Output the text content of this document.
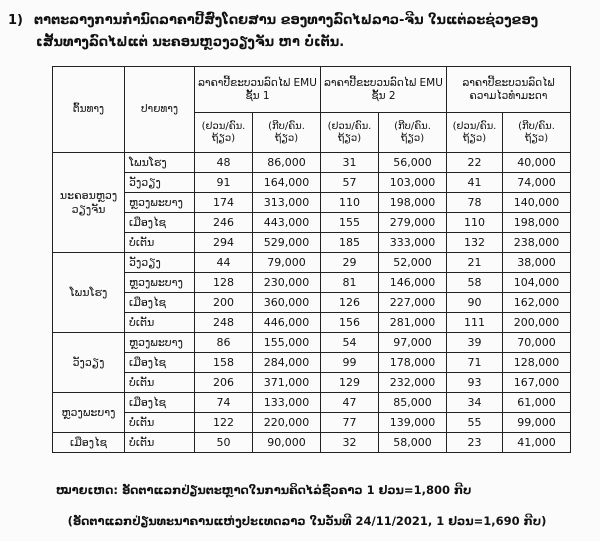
1) ຕາຕະລາງການກຳນົດລາຄາປີ້ສົ່ງໂດຍສານ ຂອງທາງລົດໄຟລາວ-ຈີນ ໃນແຕ່ລະຊ່ວງຂອງ
ເສັ້ນທາງລົດໄຟແຕ່ ນະຄອນຫຼວງວຽງຈັນ ຫາ ບໍ່ເຕັນ.
ຕົ້ນທາງ	ປາຍທາງ	ລາຄາປີ້ຂະບວນລົດໄຟ EMU ຊັ້ນ 1		ລາຄາປີ້ຂະບວນລົດໄຟ EMU ຊັ້ນ 2		ລາຄາປີ້ຂະບວນລົດໄຟ ຄວາມໄວທຳມະດາ	
		(ຢວນ/ຄົນ. ຖ້ຽວ)	(ກີບ/ຄົນ. ຖ້ຽວ)	(ຢວນ/ຄົນ. ຖ້ຽວ)	(ກີບ/ຄົນ. ຖ້ຽວ)	(ຢວນ/ຄົນ. ຖ້ຽວ)	(ກີບ/ຄົນ. ຖ້ຽວ)
ນະຄອນຫຼວງວຽງຈັນ	ໂພນໂຮງ	48	86,000	31	56,000	22	40,000
	ວັງວຽງ	91	164,000	57	103,000	41	74,000
	ຫຼວງພະບາງ	174	313,000	110	198,000	78	140,000
	ເມືອງໄຊ	246	443,000	155	279,000	110	198,000
	ບໍ່ເຕັນ	294	529,000	185	333,000	132	238,000
ໂພນໂຮງ	ວັງວຽງ	44	79,000	29	52,000	21	38,000
	ຫຼວງພະບາງ	128	230,000	81	146,000	58	104,000
	ເມືອງໄຊ	200	360,000	126	227,000	90	162,000
	ບໍ່ເຕັນ	248	446,000	156	281,000	111	200,000
ວັງວຽງ	ຫຼວງພະບາງ	86	155,000	54	97,000	39	70,000
	ເມືອງໄຊ	158	284,000	99	178,000	71	128,000
	ບໍ່ເຕັນ	206	371,000	129	232,000	93	167,000
ຫຼວງພະບາງ	ເມືອງໄຊ	74	133,000	47	85,000	34	61,000
	ບໍ່ເຕັນ	122	220,000	77	139,000	55	99,000
ເມືອງໄຊ	ບໍ່ເຕັນ	50	90,000	32	58,000	23	41,000
ໝາຍເຫດ: ອັດຕາແລກປ່ຽນຕະຫຼາດໃນການຄິດໄລ່ຊົ່ວຄາວ 1 ຢວນ=1,800 ກີບ
(ອັດຕາແລກປ່ຽນທະນາຄານແຫ່ງປະເທດລາວ ໃນວັນທີ 24/11/2021, 1 ຢວນ=1,690 ກີບ)
